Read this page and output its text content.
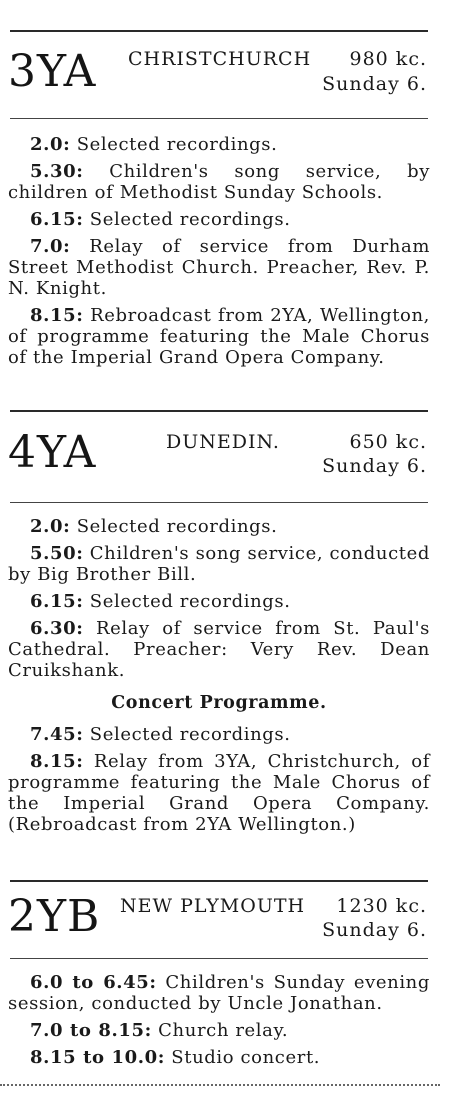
3YA CHRISTCHURCH 980 kc.
Sunday 6.

2.0: Selected recordings.

5.30: Children's song service, by children of Methodist Sunday Schools.

6.15: Selected recordings.

7.0: Relay of service from Durham Street Methodist Church. Preacher, Rev. P. N. Knight.

8.15: Rebroadcast from 2YA, Wellington, of programme featuring the Male Chorus of the Imperial Grand Opera Company.

4YA	DUNEDIN.	650 kc.
Sunday 6.

2.0: Selected recordings.

5.50: Children's song service, conducted by Big Brother Bill.

6.15: Selected recordings.

6.30: Relay of service from St. Paul's Cathedral. Preacher: Very Rev. Dean Cruikshank.

Concert Programme.

7.45: Selected recordings.

8.15: Relay from 3YA, Christchurch, of programme featuring the Male Chorus of the Imperial Grand Opera Company. (Rebroadcast from 2YA Wellington.)

2YB NEW PLYMOUTH 1230 kc.
Sunday 6.

6.0 to 6.45: Children's Sunday evening session, conducted by Uncle Jonathan.

7.0 to 8.15: Church relay.

8.15 to 10.0: Studio concert.
